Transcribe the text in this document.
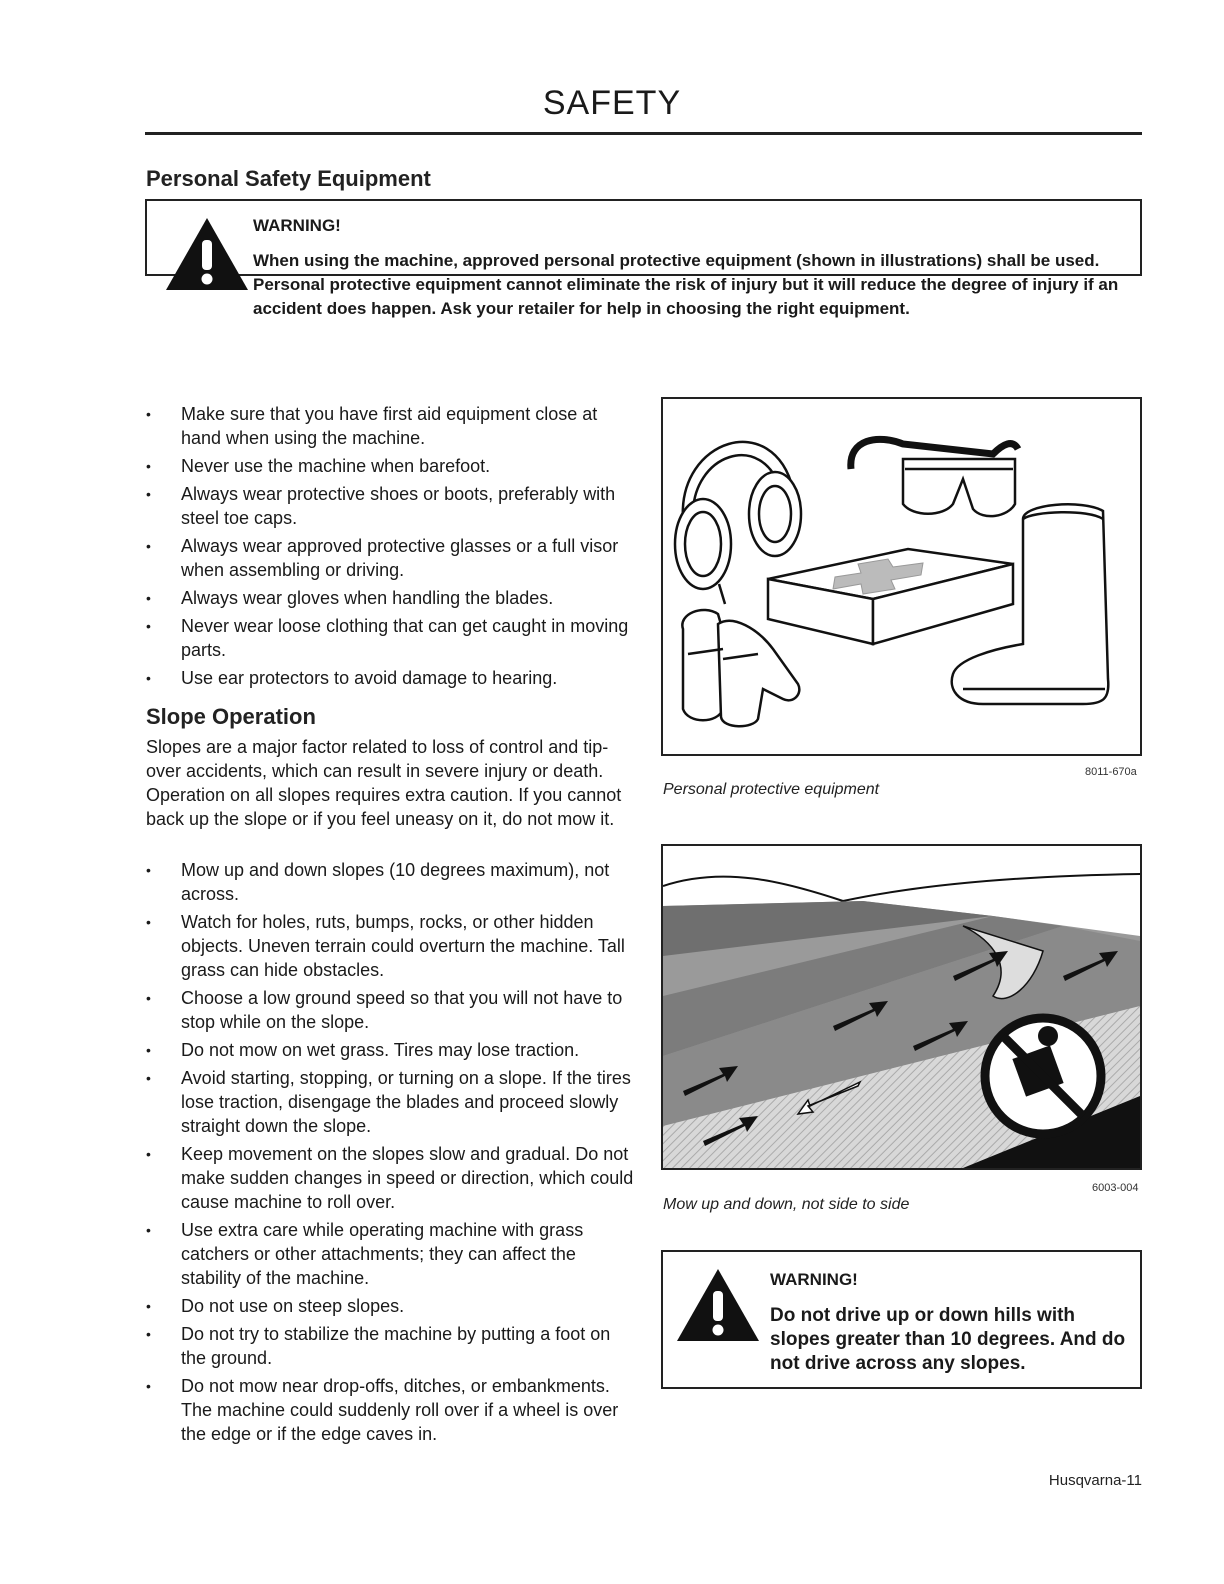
SAFETY
Personal Safety Equipment
WARNING!

When using the machine, approved personal protective equipment (shown in illustrations) shall be used. Personal protective equipment cannot eliminate the risk of injury but it will reduce the degree of injury if an accident does happen. Ask your retailer for help in choosing the right equipment.

• Make sure that you have first aid equipment close at hand when using the machine.
• Never use the machine when barefoot.
• Always wear protective shoes or boots, preferably with steel toe caps.
• Always wear approved protective glasses or a full visor when assembling or driving.
• Always wear gloves when handling the blades.
• Never wear loose clothing that can get caught in moving parts.
• Use ear protectors to avoid damage to hearing.
Slope Operation

Slopes are a major factor related to loss of control and tip-over accidents, which can result in severe injury or death. Operation on all slopes requires extra caution. If you cannot back up the slope or if you feel uneasy on it, do not mow it.

• Mow up and down slopes (10 degrees maximum), not across.
• Watch for holes, ruts, bumps, rocks, or other hidden objects. Uneven terrain could overturn the machine. Tall grass can hide obstacles.
• Choose a low ground speed so that you will not have to stop while on the slope.
• Do not mow on wet grass. Tires may lose traction.
• Avoid starting, stopping, or turning on a slope. If the tires lose traction, disengage the blades and proceed slowly straight down the slope.
• Keep movement on the slopes slow and gradual. Do not make sudden changes in speed or direction, which could cause machine to roll over.
• Use extra care while operating machine with grass catchers or other attachments; they can affect the stability of the machine.
• Do not use on steep slopes.
• Do not try to stabilize the machine by putting a foot on the ground.
• Do not mow near drop-offs, ditches, or embankments. The machine could suddenly roll over if a wheel is over the edge or if the edge caves in.
8011-670a
Personal protective equipment
6003-004
Mow up and down, not side to side
WARNING!

Do not drive up or down hills with slopes greater than 10 degrees. And do not drive across any slopes.

Husqvarna-11
